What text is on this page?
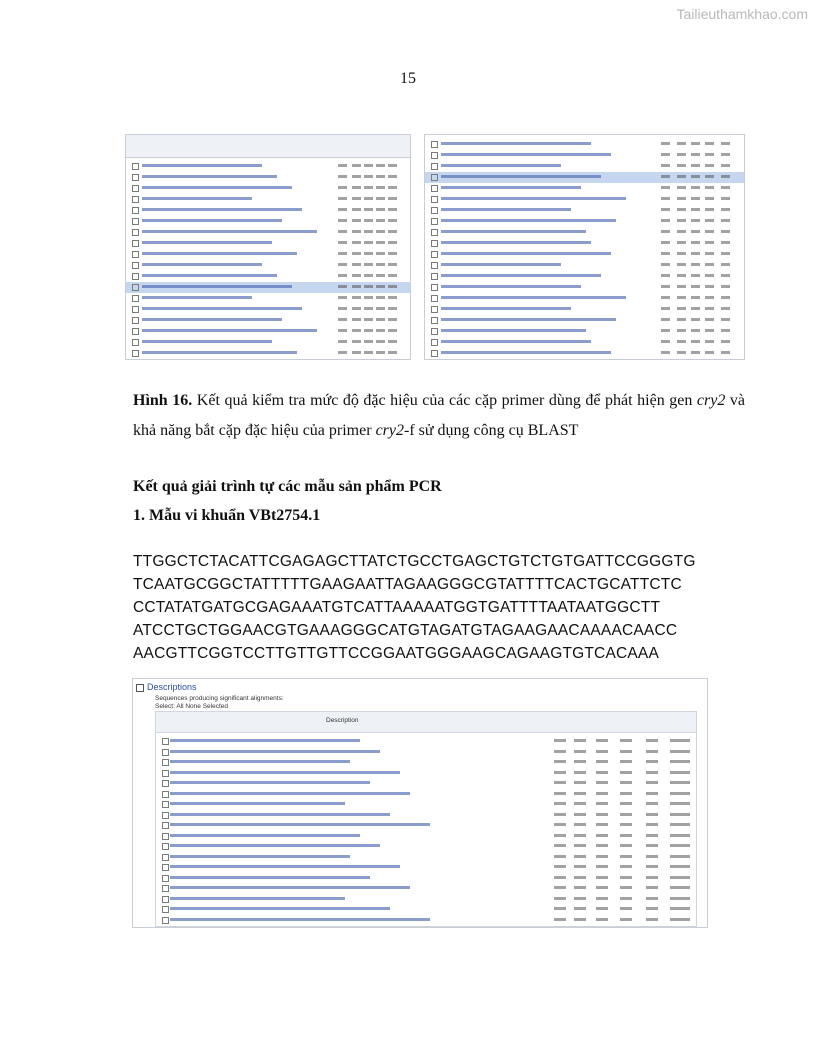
Tailieuthamkhao.com
15
Hình 16. Kết quả kiểm tra mức độ đặc hiệu của các cặp primer dùng để phát hiện gen cry2 và khả năng bắt cặp đặc hiệu của primer cry2-f sử dụng công cụ BLAST
Kết quả giải trình tự các mẫu sản phẩm PCR
1. Mẫu vi khuẩn VBt2754.1
TTGGCTCTACATTCGAGAGCTTATCTGCCTGAGCTGTCTGTGATTCCGGGTG
TCAATGCGGCTATTTTTGAAGAATTAGAAGGGCGTATTTTCACTGCATTCTC
CCTATATGATGCGAGAAATGTCATTAAAAATGGTGATTTTAATAATGGCTT
ATCCTGCTGGAACGTGAAAGGGCATGTAGATGTAGAAGAACAAAACAACC
AACGTTCGGTCCTTGTTGTTCCGGAATGGGAAGCAGAAGTGTCACAAA
Descriptions
Sequences producing significant alignments:
Select: All None Selected
Description
